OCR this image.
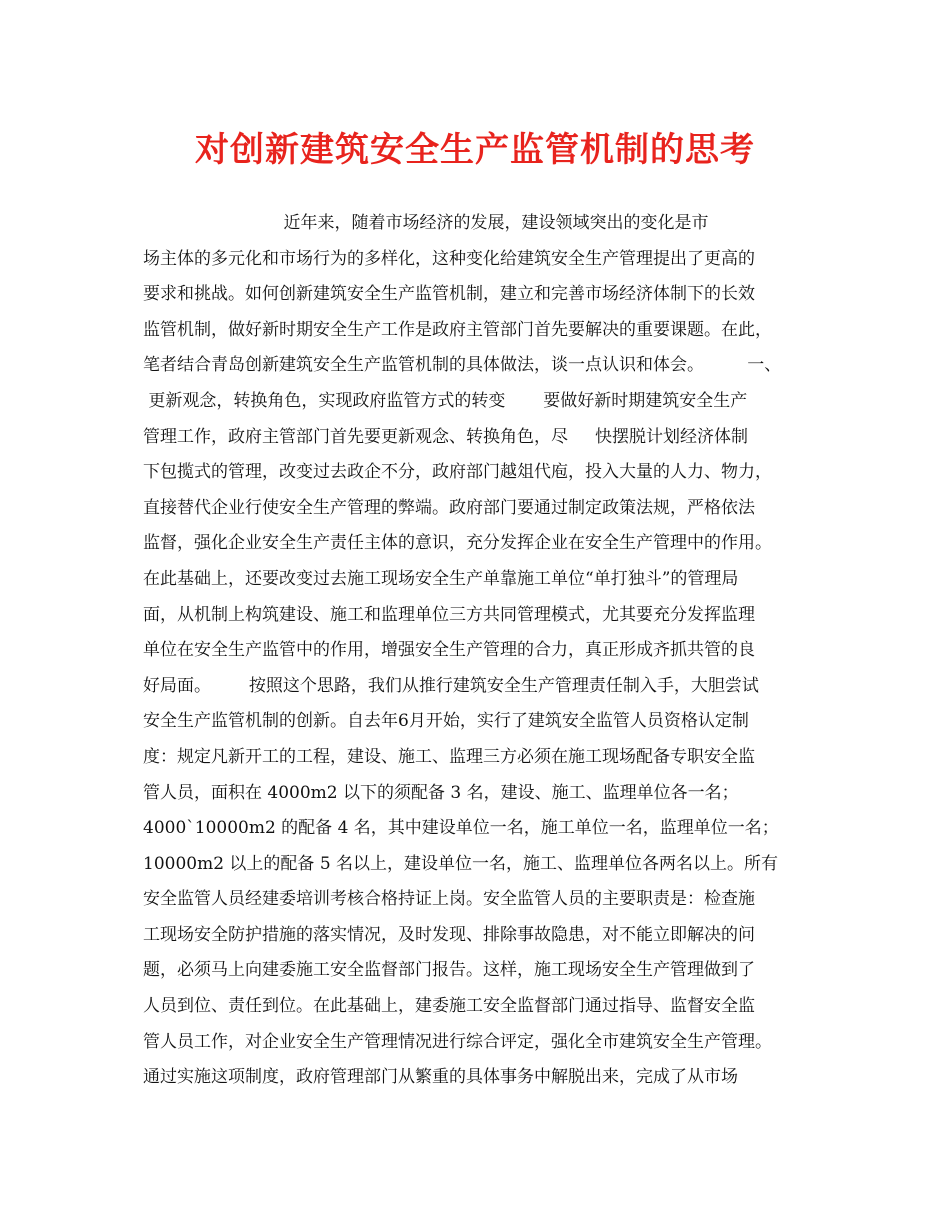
对创新建筑安全生产监管机制的思考
近年来，随着市场经济的发展，建设领域突出的变化是市
场主体的多元化和市场行为的多样化，这种变化给建筑安全生产管理提出了更高的
要求和挑战。如何创新建筑安全生产监管机制，建立和完善市场经济体制下的长效
监管机制，做好新时期安全生产工作是政府主管部门首先要解决的重要课题。在此，
笔者结合青岛创新建筑安全生产监管机制的具体做法，谈一点认识和体会。        一、
更新观念，转换角色，实现政府监管方式的转变       要做好新时期建筑安全生产
管理工作，政府主管部门首先要更新观念、转换角色，尽     快摆脱计划经济体制
下包揽式的管理，改变过去政企不分，政府部门越俎代庖，投入大量的人力、物力，
直接替代企业行使安全生产管理的弊端。政府部门要通过制定政策法规，严格依法
监督，强化企业安全生产责任主体的意识，充分发挥企业在安全生产管理中的作用。
在此基础上，还要改变过去施工现场安全生产单靠施工单位“单打独斗”的管理局
面，从机制上构筑建设、施工和监理单位三方共同管理模式，尤其要充分发挥监理
单位在安全生产监管中的作用，增强安全生产管理的合力，真正形成齐抓共管的良
好局面。       按照这个思路，我们从推行建筑安全生产管理责任制入手，大胆尝试
安全生产监管机制的创新。自去年6月开始，实行了建筑安全监管人员资格认定制
度：规定凡新开工的工程，建设、施工、监理三方必须在施工现场配备专职安全监
管人员，面积在 4000m2 以下的须配备 3 名，建设、施工、监理单位各一名；
4000`10000m2 的配备 4 名，其中建设单位一名，施工单位一名，监理单位一名；
10000m2 以上的配备 5 名以上，建设单位一名，施工、监理单位各两名以上。所有
安全监管人员经建委培训考核合格持证上岗。安全监管人员的主要职责是：检查施
工现场安全防护措施的落实情况，及时发现、排除事故隐患，对不能立即解决的问
题，必须马上向建委施工安全监督部门报告。这样，施工现场安全生产管理做到了
人员到位、责任到位。在此基础上，建委施工安全监督部门通过指导、监督安全监
管人员工作，对企业安全生产管理情况进行综合评定，强化全市建筑安全生产管理。
通过实施这项制度，政府管理部门从繁重的具体事务中解脱出来，完成了从市场
